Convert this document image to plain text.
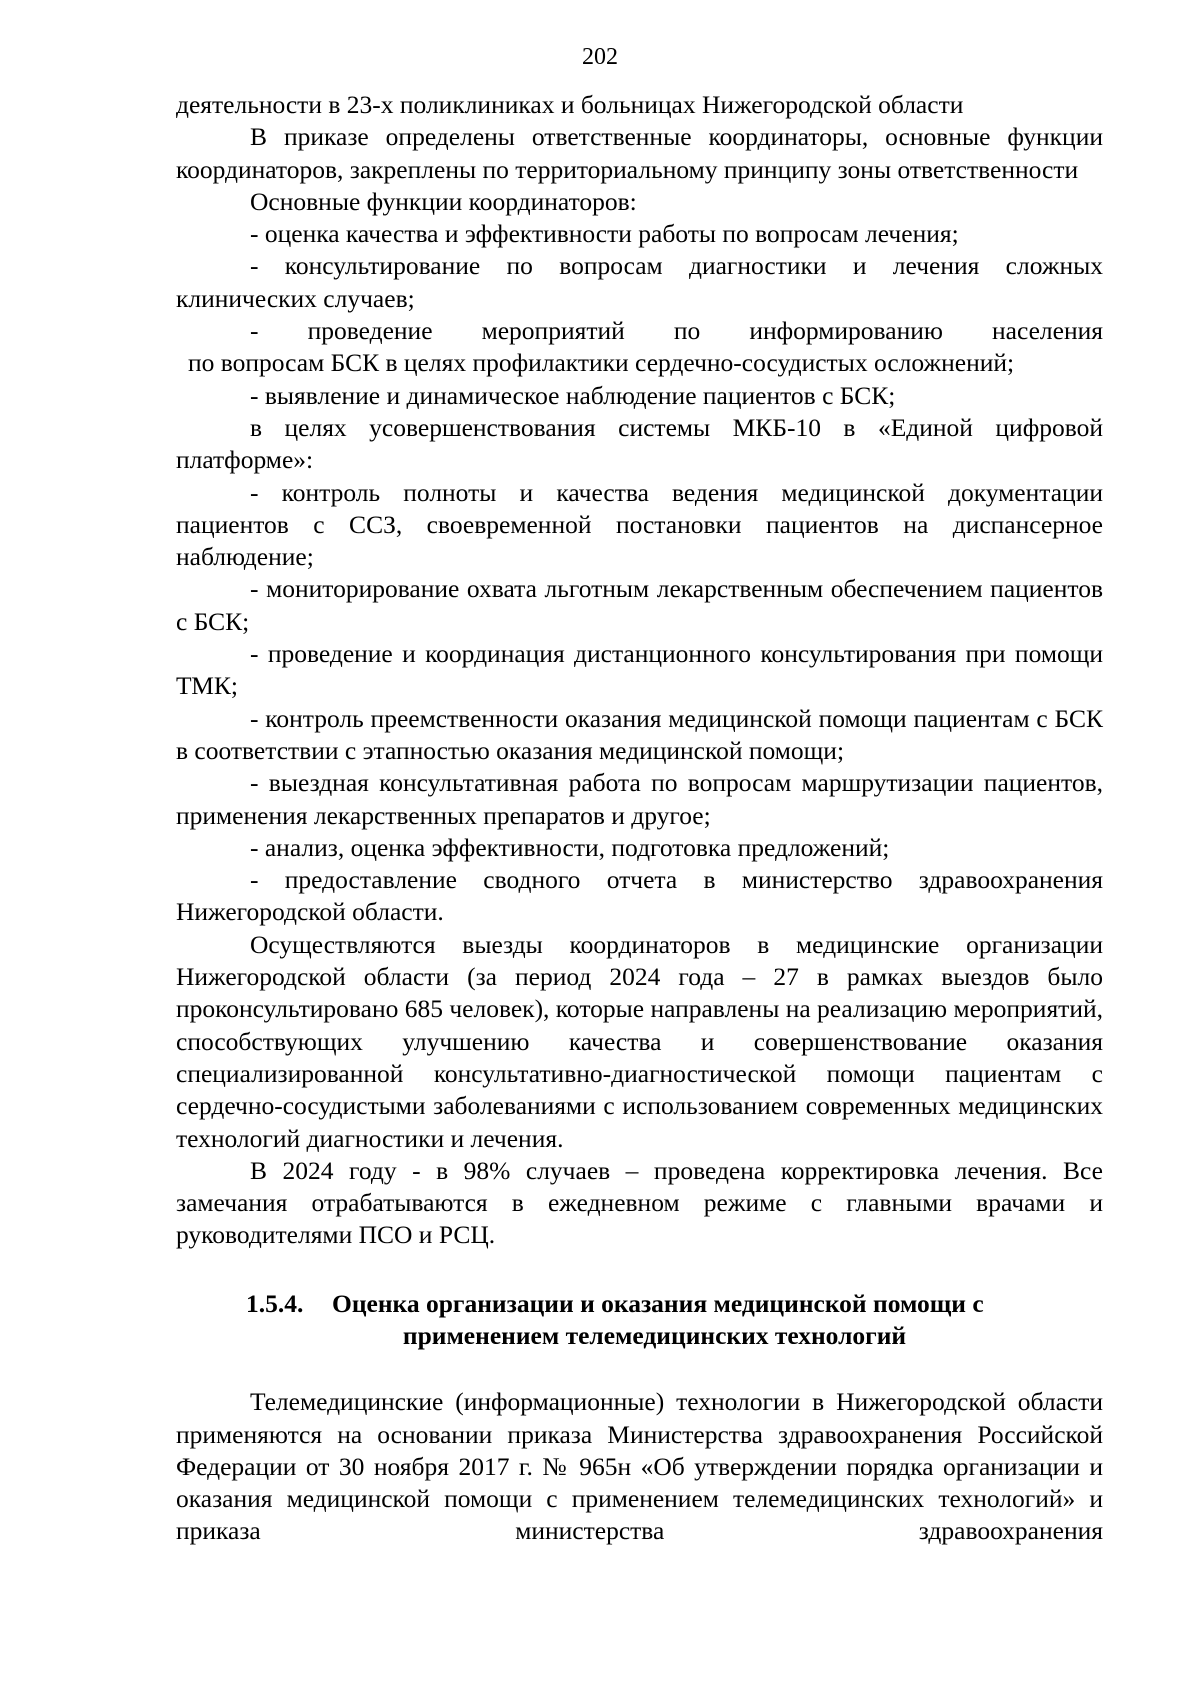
202

деятельности в 23-х поликлиниках и больницах Нижегородской области

В приказе определены ответственные координаторы, основные функции координаторов, закреплены по территориальному принципу зоны ответственности

Основные функции координаторов:

- оценка качества и эффективности работы по вопросам лечения;

- консультирование по вопросам диагностики и лечения сложных клинических случаев;

- проведение мероприятий по информированию населения

по вопросам БСК в целях профилактики сердечно-сосудистых осложнений;

- выявление и динамическое наблюдение пациентов с БСК;

в целях усовершенствования системы МКБ-10 в «Единой цифровой платформе»:

- контроль полноты и качества ведения медицинской документации пациентов с ССЗ, своевременной постановки пациентов на диспансерное наблюдение;

- мониторирование охвата льготным лекарственным обеспечением пациентов с БСК;

- проведение и координация дистанционного консультирования при помощи ТМК;

- контроль преемственности оказания медицинской помощи пациентам с БСК в соответствии с этапностью оказания медицинской помощи;

- выездная консультативная работа по вопросам маршрутизации пациентов, применения лекарственных препаратов и другое;

- анализ, оценка эффективности, подготовка предложений;

- предоставление сводного отчета в министерство здравоохранения Нижегородской области.

Осуществляются выезды координаторов в медицинские организации Нижегородской области (за период 2024 года – 27 в рамках выездов было проконсультировано 685 человек), которые направлены на реализацию мероприятий, способствующих улучшению качества и совершенствование оказания специализированной консультативно-диагностической помощи пациентам с сердечно-сосудистыми заболеваниями с использованием современных медицинских технологий диагностики и лечения.

В 2024 году - в 98% случаев – проведена корректировка лечения. Все замечания отрабатываются в ежедневном режиме с главными врачами и руководителями ПСО и РСЦ.

1.5.4. Оценка организации и оказания медицинской помощи с
применением телемедицинских технологий

Телемедицинские (информационные) технологии в Нижегородской области применяются на основании приказа Министерства здравоохранения Российской Федерации от 30 ноября 2017 г. № 965н «Об утверждении порядка организации и оказания медицинской помощи с применением телемедицинских технологий» и приказа министерства здравоохранения
